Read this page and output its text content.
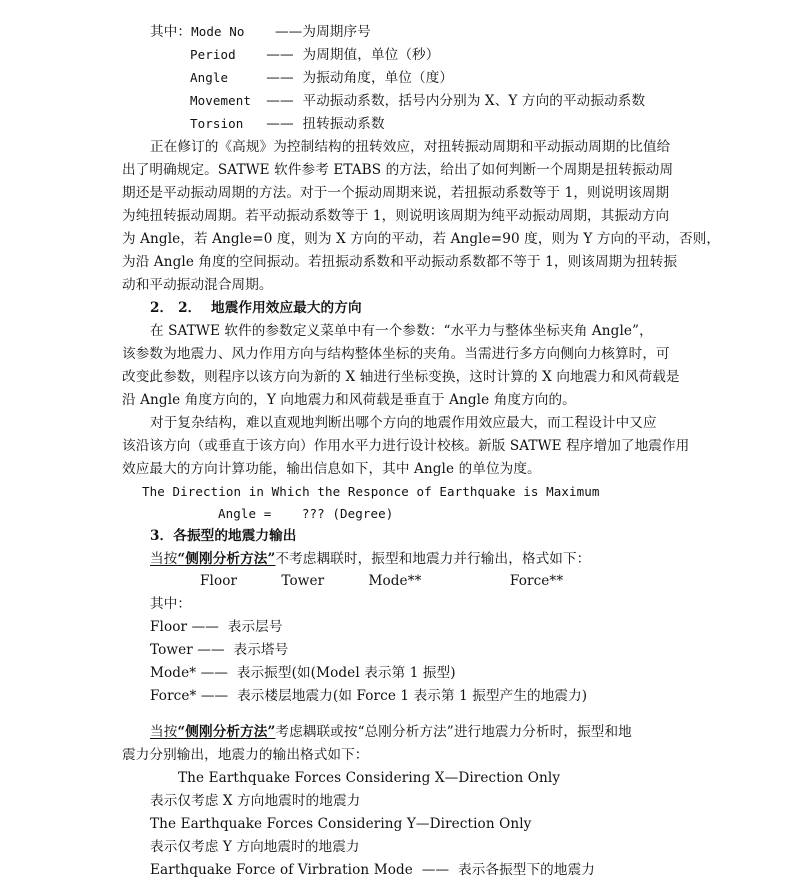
其中：Mode No    ——为周期序号
Period    ——  为周期值，单位（秒）
Angle     ——  为振动角度，单位（度）
Movement  ——  平动振动系数，括号内分别为 X、Y 方向的平动振动系数
Torsion   ——  扭转振动系数
正在修订的《高规》为控制结构的扭转效应，对扭转振动周期和平动振动周期的比值给
出了明确规定。SATWE 软件参考 ETABS 的方法，给出了如何判断一个周期是扭转振动周
期还是平动振动周期的方法。对于一个振动周期来说，若扭振动系数等于 1，则说明该周期
为纯扭转振动周期。若平动振动系数等于 1，则说明该周期为纯平动振动周期，其振动方向
为 Angle，若 Angle=0 度，则为 X 方向的平动，若 Angle=90 度，则为 Y 方向的平动，否则，
为沿 Angle 角度的空间振动。若扭振动系数和平动振动系数都不等于 1，则该周期为扭转振
动和平动振动混合周期。
2． 2．  地震作用效应最大的方向
在 SATWE 软件的参数定义菜单中有一个参数：“水平力与整体坐标夹角 Angle”，
该参数为地震力、风力作用方向与结构整体坐标的夹角。当需进行多方向侧向力核算时，可
改变此参数，则程序以该方向为新的 X 轴进行坐标变换，这时计算的 X 向地震力和风荷载是
沿 Angle 角度方向的，Y 向地震力和风荷载是垂直于 Angle 角度方向的。
对于复杂结构，难以直观地判断出哪个方向的地震作用效应最大，而工程设计中又应
该沿该方向（或垂直于该方向）作用水平力进行设计校核。新版 SATWE 程序增加了地震作用
效应最大的方向计算功能，输出信息如下，其中 Angle 的单位为度。
The Direction in Which the Responce of Earthquake is Maximum
Angle =    ??? (Degree)
3．各振型的地震力输出
当按“侧刚分析方法”不考虑耦联时，振型和地震力并行输出，格式如下：
Floor          Tower          Mode**                    Force**
其中：
Floor ——  表示层号
Tower ——  表示塔号
Mode* ——  表示振型(如(Model 表示第 1 振型)
Force* ——  表示楼层地震力(如 Force 1 表示第 1 振型产生的地震力)
当按“侧刚分析方法”考虑耦联或按“总刚分析方法”进行地震力分析时，振型和地
震力分别输出，地震力的输出格式如下：
The Earthquake Forces Considering X—Direction Only
表示仅考虑 X 方向地震时的地震力
The Earthquake Forces Considering Y—Direction Only
表示仅考虑 Y 方向地震时的地震力
Earthquake Force of Virbration Mode  ——  表示各振型下的地震力
